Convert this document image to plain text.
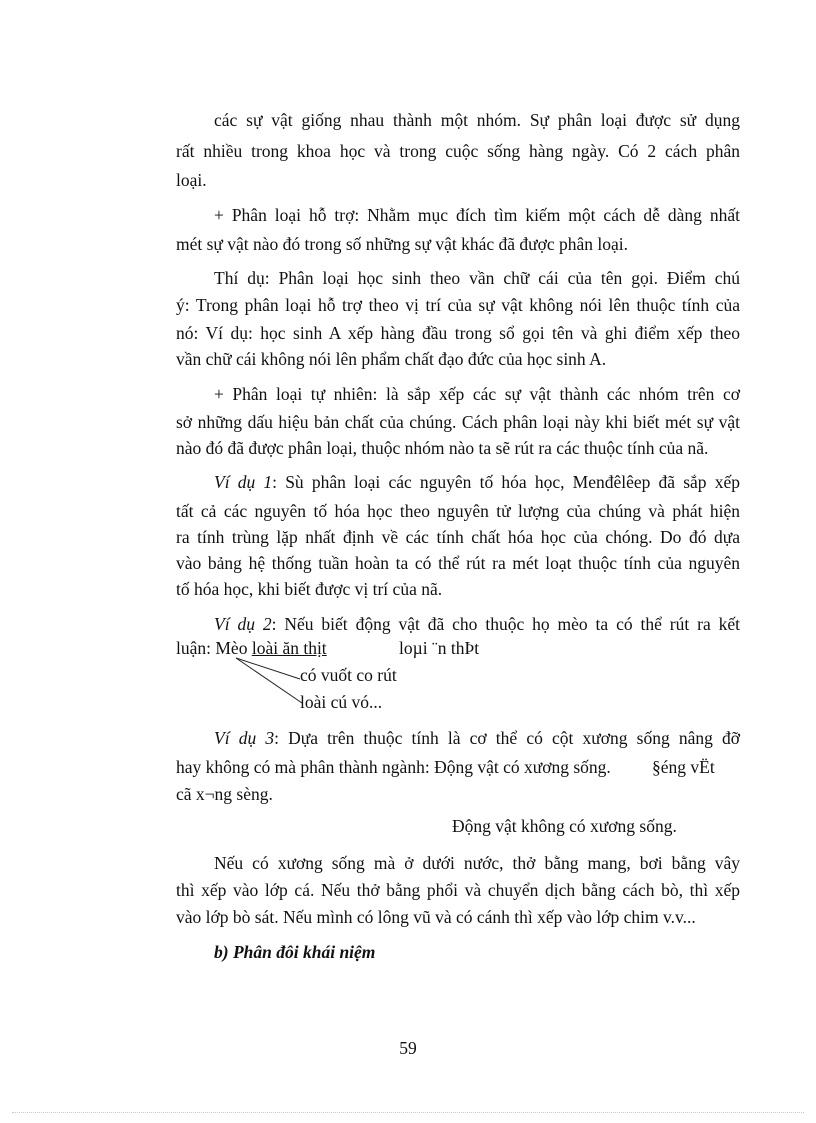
các sự vật giống nhau thành một nhóm. Sự phân loại được sử dụng
rất nhiều trong khoa học và trong cuộc sống hàng ngày. Có 2 cách phân
loại.
+ Phân loại hỗ trợ: Nhằm mục đích tìm kiếm một cách dễ dàng nhất
mét sự vật nào đó trong số những sự vật khác đã được phân loại.
Thí dụ: Phân loại học sinh theo vần chữ cái của tên gọi. Điểm chú
ý: Trong phân loại hỗ trợ theo vị trí của sự vật không nói lên thuộc tính của
nó: Ví dụ: học sinh A xếp hàng đầu trong sổ gọi tên và ghi điểm xếp theo
vần chữ cái không nói lên phẩm chất đạo đức của học sinh A.
+ Phân loại tự nhiên: là sắp xếp các sự vật thành các nhóm trên cơ
sở những dấu hiệu bản chất của chúng. Cách phân loại này khi biết mét sự vật
nào đó đã được phân loại, thuộc nhóm nào ta sẽ rút ra các thuộc tính của nã.
Ví dụ 1: Sù phân loại các nguyên tố hóa học, Menđêlêep đã sắp xếp
tất cả các nguyên tố hóa học theo nguyên tử lượng của chúng và phát hiện
ra tính trùng lặp nhất định về các tính chất hóa học của chóng. Do đó dựa
vào bảng hệ thống tuần hoàn ta có thể rút ra mét loạt thuộc tính của nguyên
tố hóa học, khi biết được vị trí của nã.
Ví dụ 2: Nếu biết động vật đã cho thuộc họ mèo ta có thể rút ra kết
luận: Mèo loài ăn thịt	loµi ¨n thÞt
có vuốt co rút
loài cú vó...
Ví dụ 3: Dựa trên thuộc tính là cơ thể có cột xương sống nâng đỡ
hay không có mà phân thành ngành: Động vật có xương sống.	§éng vËt
cã x¬ng sèng.
Động vật không có xương sống.
Nếu có xương sống mà ở dưới nước, thở bằng mang, bơi bằng vây
thì xếp vào lớp cá. Nếu thở bằng phổi và chuyển dịch bằng cách bò, thì xếp
vào lớp bò sát. Nếu mình có lông vũ và có cánh thì xếp vào lớp chim v.v...
b) Phân đôi khái niệm
59
